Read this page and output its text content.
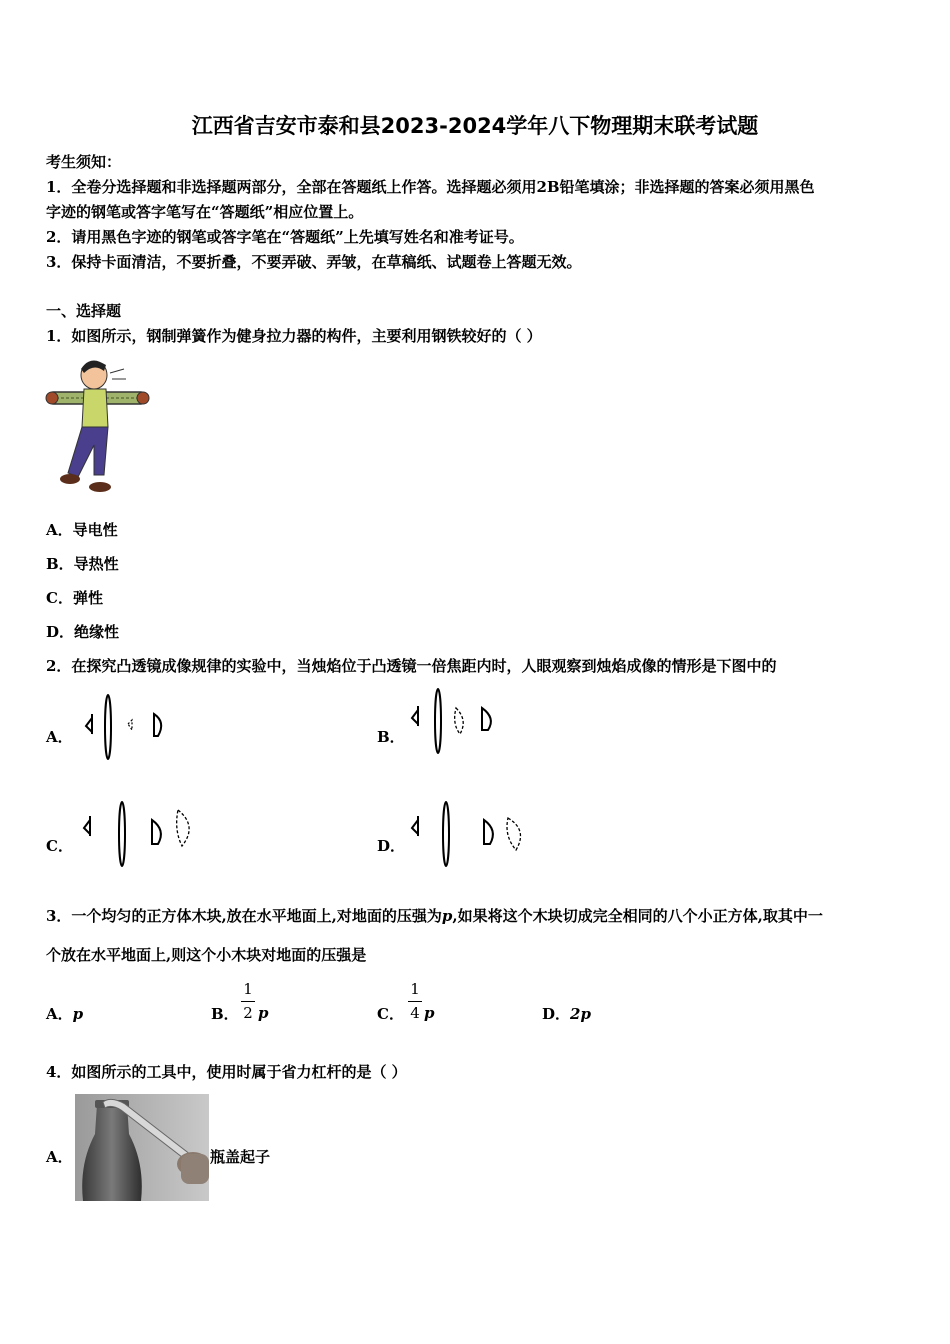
江西省吉安市泰和县2023-2024学年八下物理期末联考试题
考生须知：
1．全卷分选择题和非选择题两部分，全部在答题纸上作答。选择题必须用2B铅笔填涂；非选择题的答案必须用黑色
字迹的钢笔或答字笔写在“答题纸”相应位置上。
2．请用黑色字迹的钢笔或答字笔在“答题纸”上先填写姓名和准考证号。
3．保持卡面清洁，不要折叠，不要弄破、弄皱，在草稿纸、试题卷上答题无效。
一、选择题
1．如图所示，钢制弹簧作为健身拉力器的构件，主要利用钢铁较好的（ ）
A．导电性
B．导热性
C．弹性
D．绝缘性
2．在探究凸透镜成像规律的实验中，当烛焰位于凸透镜一倍焦距内时，人眼观察到烛焰成像的情形是下图中的
A．	B．
C．	D．
3．一个均匀的正方体木块,放在水平地面上,对地面的压强为p,如果将这个木块切成完全相同的八个小正方体,取其中一
个放在水平地面上,则这个小木块对地面的压强是
A．p	B．
1
2 p	C．
1
4 p	D．2p
4．如图所示的工具中，使用时属于省力杠杆的是（ ）
A．	瓶盖起子
